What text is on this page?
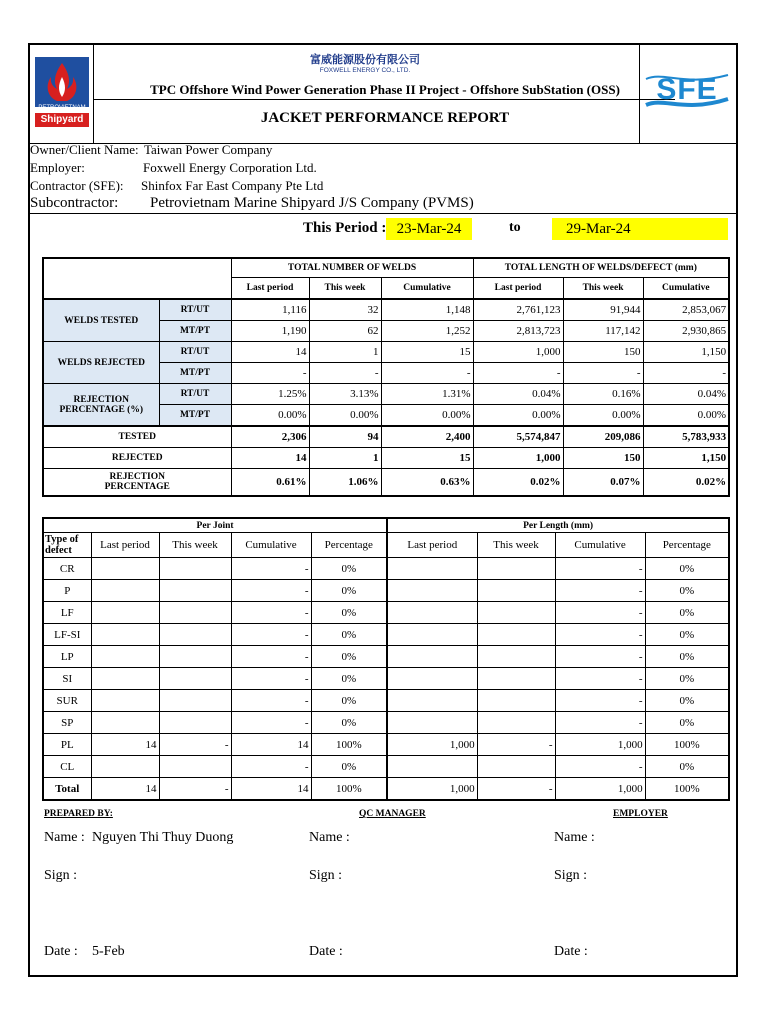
PETROVIETNAM
Shipyard
富威能源股份有限公司
FOXWELL ENERGY CO., LTD.
TPC Offshore Wind Power Generation Phase II Project - Offshore SubStation (OSS)
JACKET PERFORMANCE REPORT
SFE
Owner/Client Name: Taiwan Power Company
Employer:	Foxwell Energy Corporation Ltd.
Contractor (SFE): Shinfox Far East Company Pte Ltd
Subcontractor: Petrovietnam Marine Shipyard J/S Company (PVMS)
This Period : 23-Mar-24	to	29-Mar-24
		TOTAL NUMBER OF WELDS			TOTAL LENGTH OF WELDS/DEFECT (mm)		
		Last period	This week	Cumulative	Last period	This week	Cumulative
WELDS TESTED	RT/UT	1,116	32	1,148	2,761,123	91,944	2,853,067
	MT/PT	1,190	62	1,252	2,813,723	117,142	2,930,865
WELDS REJECTED	RT/UT	14	1	15	1,000	150	1,150
	MT/PT	-	-	-	-	-	-
REJECTION PERCENTAGE (%)	RT/UT	1.25%	3.13%	1.31%	0.04%	0.16%	0.04%
	MT/PT	0.00%	0.00%	0.00%	0.00%	0.00%	0.00%
TESTED		2,306	94	2,400	5,574,847	209,086	5,783,933
REJECTED		14	1	15	1,000	150	1,150
REJECTION PERCENTAGE		0.61%	1.06%	0.63%	0.02%	0.07%	0.02%
Per Joint					Per Length (mm)			
Type of defect	Last period	This week	Cumulative	Percentage	Last period	This week	Cumulative	Percentage
CR			-	0%			-	0%
P			-	0%			-	0%
LF			-	0%			-	0%
LF-SI			-	0%			-	0%
LP			-	0%			-	0%
SI			-	0%			-	0%
SUR			-	0%			-	0%
SP			-	0%			-	0%
PL	14	-	14	100%	1,000	-	1,000	100%
CL			-	0%			-	0%
Total	14	-	14	100%	1,000	-	1,000	100%
PREPARED BY:	QC MANAGER	EMPLOYER
Name : Nguyen Thi Thuy Duong	Name :	Name :
Sign :	Sign :	Sign :
Date : 5-Feb	Date :	Date :
